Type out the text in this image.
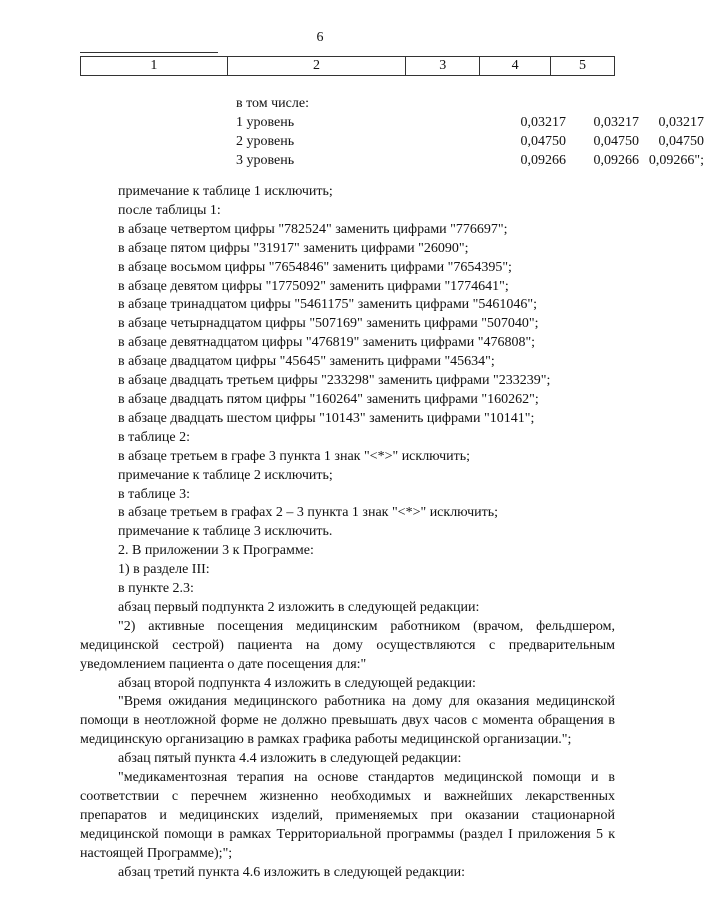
6
1	2	3	4	5
в том числе:
1 уровень	0,03217 0,03217 0,03217
2 уровень	0,04750 0,04750 0,04750
3 уровень	0,09266 0,09266 0,09266";
примечание к таблице 1 исключить;
после таблицы 1:
в абзаце четвертом цифры "782524" заменить цифрами "776697";
в абзаце пятом цифры "31917" заменить цифрами "26090";
в абзаце восьмом цифры "7654846" заменить цифрами "7654395";
в абзаце девятом цифры "1775092" заменить цифрами "1774641";
в абзаце тринадцатом цифры "5461175" заменить цифрами "5461046";
в абзаце четырнадцатом цифры "507169" заменить цифрами "507040";
в абзаце девятнадцатом цифры "476819" заменить цифрами "476808";
в абзаце двадцатом цифры "45645" заменить цифрами "45634";
в абзаце двадцать третьем цифры "233298" заменить цифрами "233239";
в абзаце двадцать пятом цифры "160264" заменить цифрами "160262";
в абзаце двадцать шестом цифры "10143" заменить цифрами "10141";
в таблице 2:
в абзаце третьем в графе 3 пункта 1 знак "<*>" исключить;
примечание к таблице 2 исключить;
в таблице 3:
в абзаце третьем в графах 2 – 3 пункта 1 знак "<*>" исключить;
примечание к таблице 3 исключить.
2. В приложении 3 к Программе:
1) в разделе III:
в пункте 2.3:
абзац первый подпункта 2 изложить в следующей редакции:
"2) активные посещения медицинским работником (врачом, фельдшером, медицинской сестрой) пациента на дому осуществляются с предварительным уведомлением пациента о дате посещения для:"
абзац второй подпункта 4 изложить в следующей редакции:
"Время ожидания медицинского работника на дому для оказания медицинской помощи в неотложной форме не должно превышать двух часов с момента обращения в медицинскую организацию в рамках графика работы медицинской организации.";
абзац пятый пункта 4.4 изложить в следующей редакции:
"медикаментозная терапия на основе стандартов медицинской помощи и в соответствии с перечнем жизненно необходимых и важнейших лекарственных препаратов и медицинских изделий, применяемых при оказании стационарной медицинской помощи в рамках Территориальной программы (раздел I приложения 5 к настоящей Программе);";
абзац третий пункта 4.6 изложить в следующей редакции:
